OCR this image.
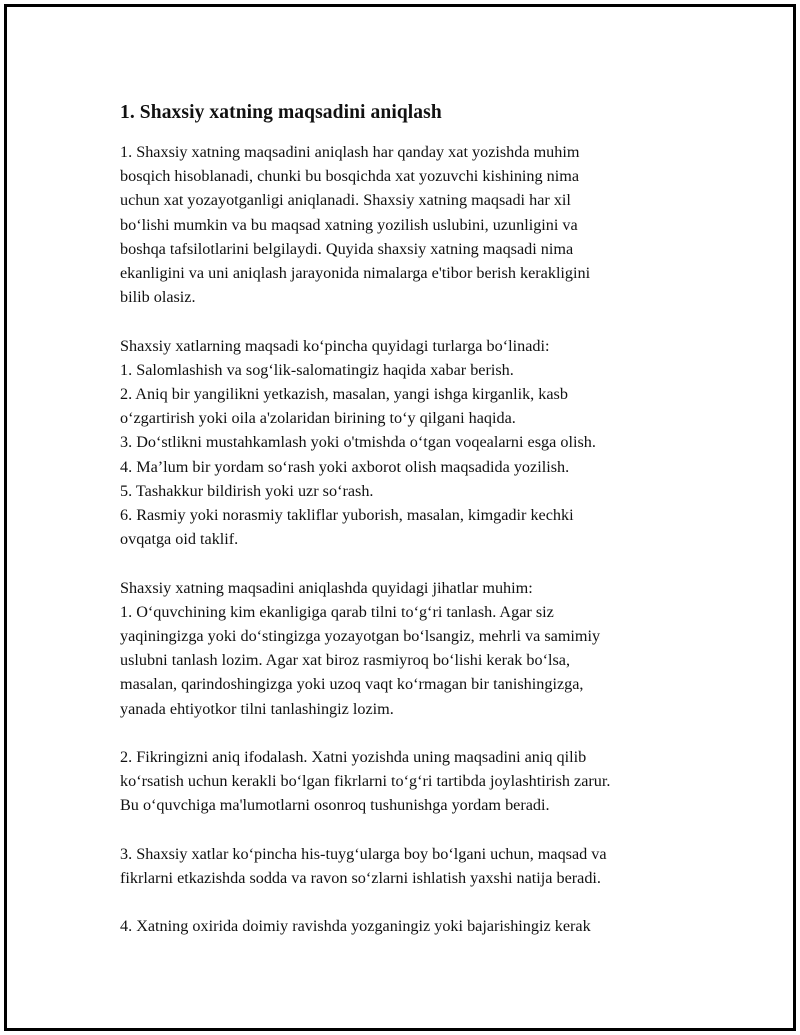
1. Shaxsiy xatning maqsadini aniqlash

1. Shaxsiy xatning maqsadini aniqlash har qanday xat yozishda muhim
bosqich hisoblanadi, chunki bu bosqichda xat yozuvchi kishining nima
uchun xat yozayotganligi aniqlanadi. Shaxsiy xatning maqsadi har xil
bo‘lishi mumkin va bu maqsad xatning yozilish uslubini, uzunligini va
boshqa tafsilotlarini belgilaydi. Quyida shaxsiy xatning maqsadi nima
ekanligini va uni aniqlash jarayonida nimalarga e'tibor berish kerakligini
bilib olasiz.

Shaxsiy xatlarning maqsadi ko‘pincha quyidagi turlarga bo‘linadi:
1. Salomlashish va sog‘lik-salomatingiz haqida xabar berish.
2. Aniq bir yangilikni yetkazish, masalan, yangi ishga kirganlik, kasb
o‘zgartirish yoki oila a'zolaridan birining to‘y qilgani haqida.
3. Do‘stlikni mustahkamlash yoki o'tmishda o‘tgan voqealarni esga olish.
4. Ma’lum bir yordam so‘rash yoki axborot olish maqsadida yozilish.
5. Tashakkur bildirish yoki uzr so‘rash.
6. Rasmiy yoki norasmiy takliflar yuborish, masalan, kimgadir kechki
ovqatga oid taklif.

Shaxsiy xatning maqsadini aniqlashda quyidagi jihatlar muhim:
1. O‘quvchining kim ekanligiga qarab tilni to‘g‘ri tanlash. Agar siz
yaqiningizga yoki do‘stingizga yozayotgan bo‘lsangiz, mehrli va samimiy
uslubni tanlash lozim. Agar xat biroz rasmiyroq bo‘lishi kerak bo‘lsa,
masalan, qarindoshingizga yoki uzoq vaqt ko‘rmagan bir tanishingizga,
yanada ehtiyotkor tilni tanlashingiz lozim.

2. Fikringizni aniq ifodalash. Xatni yozishda uning maqsadini aniq qilib
ko‘rsatish uchun kerakli bo‘lgan fikrlarni to‘g‘ri tartibda joylashtirish zarur.
Bu o‘quvchiga ma'lumotlarni osonroq tushunishga yordam beradi.

3. Shaxsiy xatlar ko‘pincha his-tuyg‘ularga boy bo‘lgani uchun, maqsad va
fikrlarni etkazishda sodda va ravon so‘zlarni ishlatish yaxshi natija beradi.

4. Xatning oxirida doimiy ravishda yozganingiz yoki bajarishingiz kerak
